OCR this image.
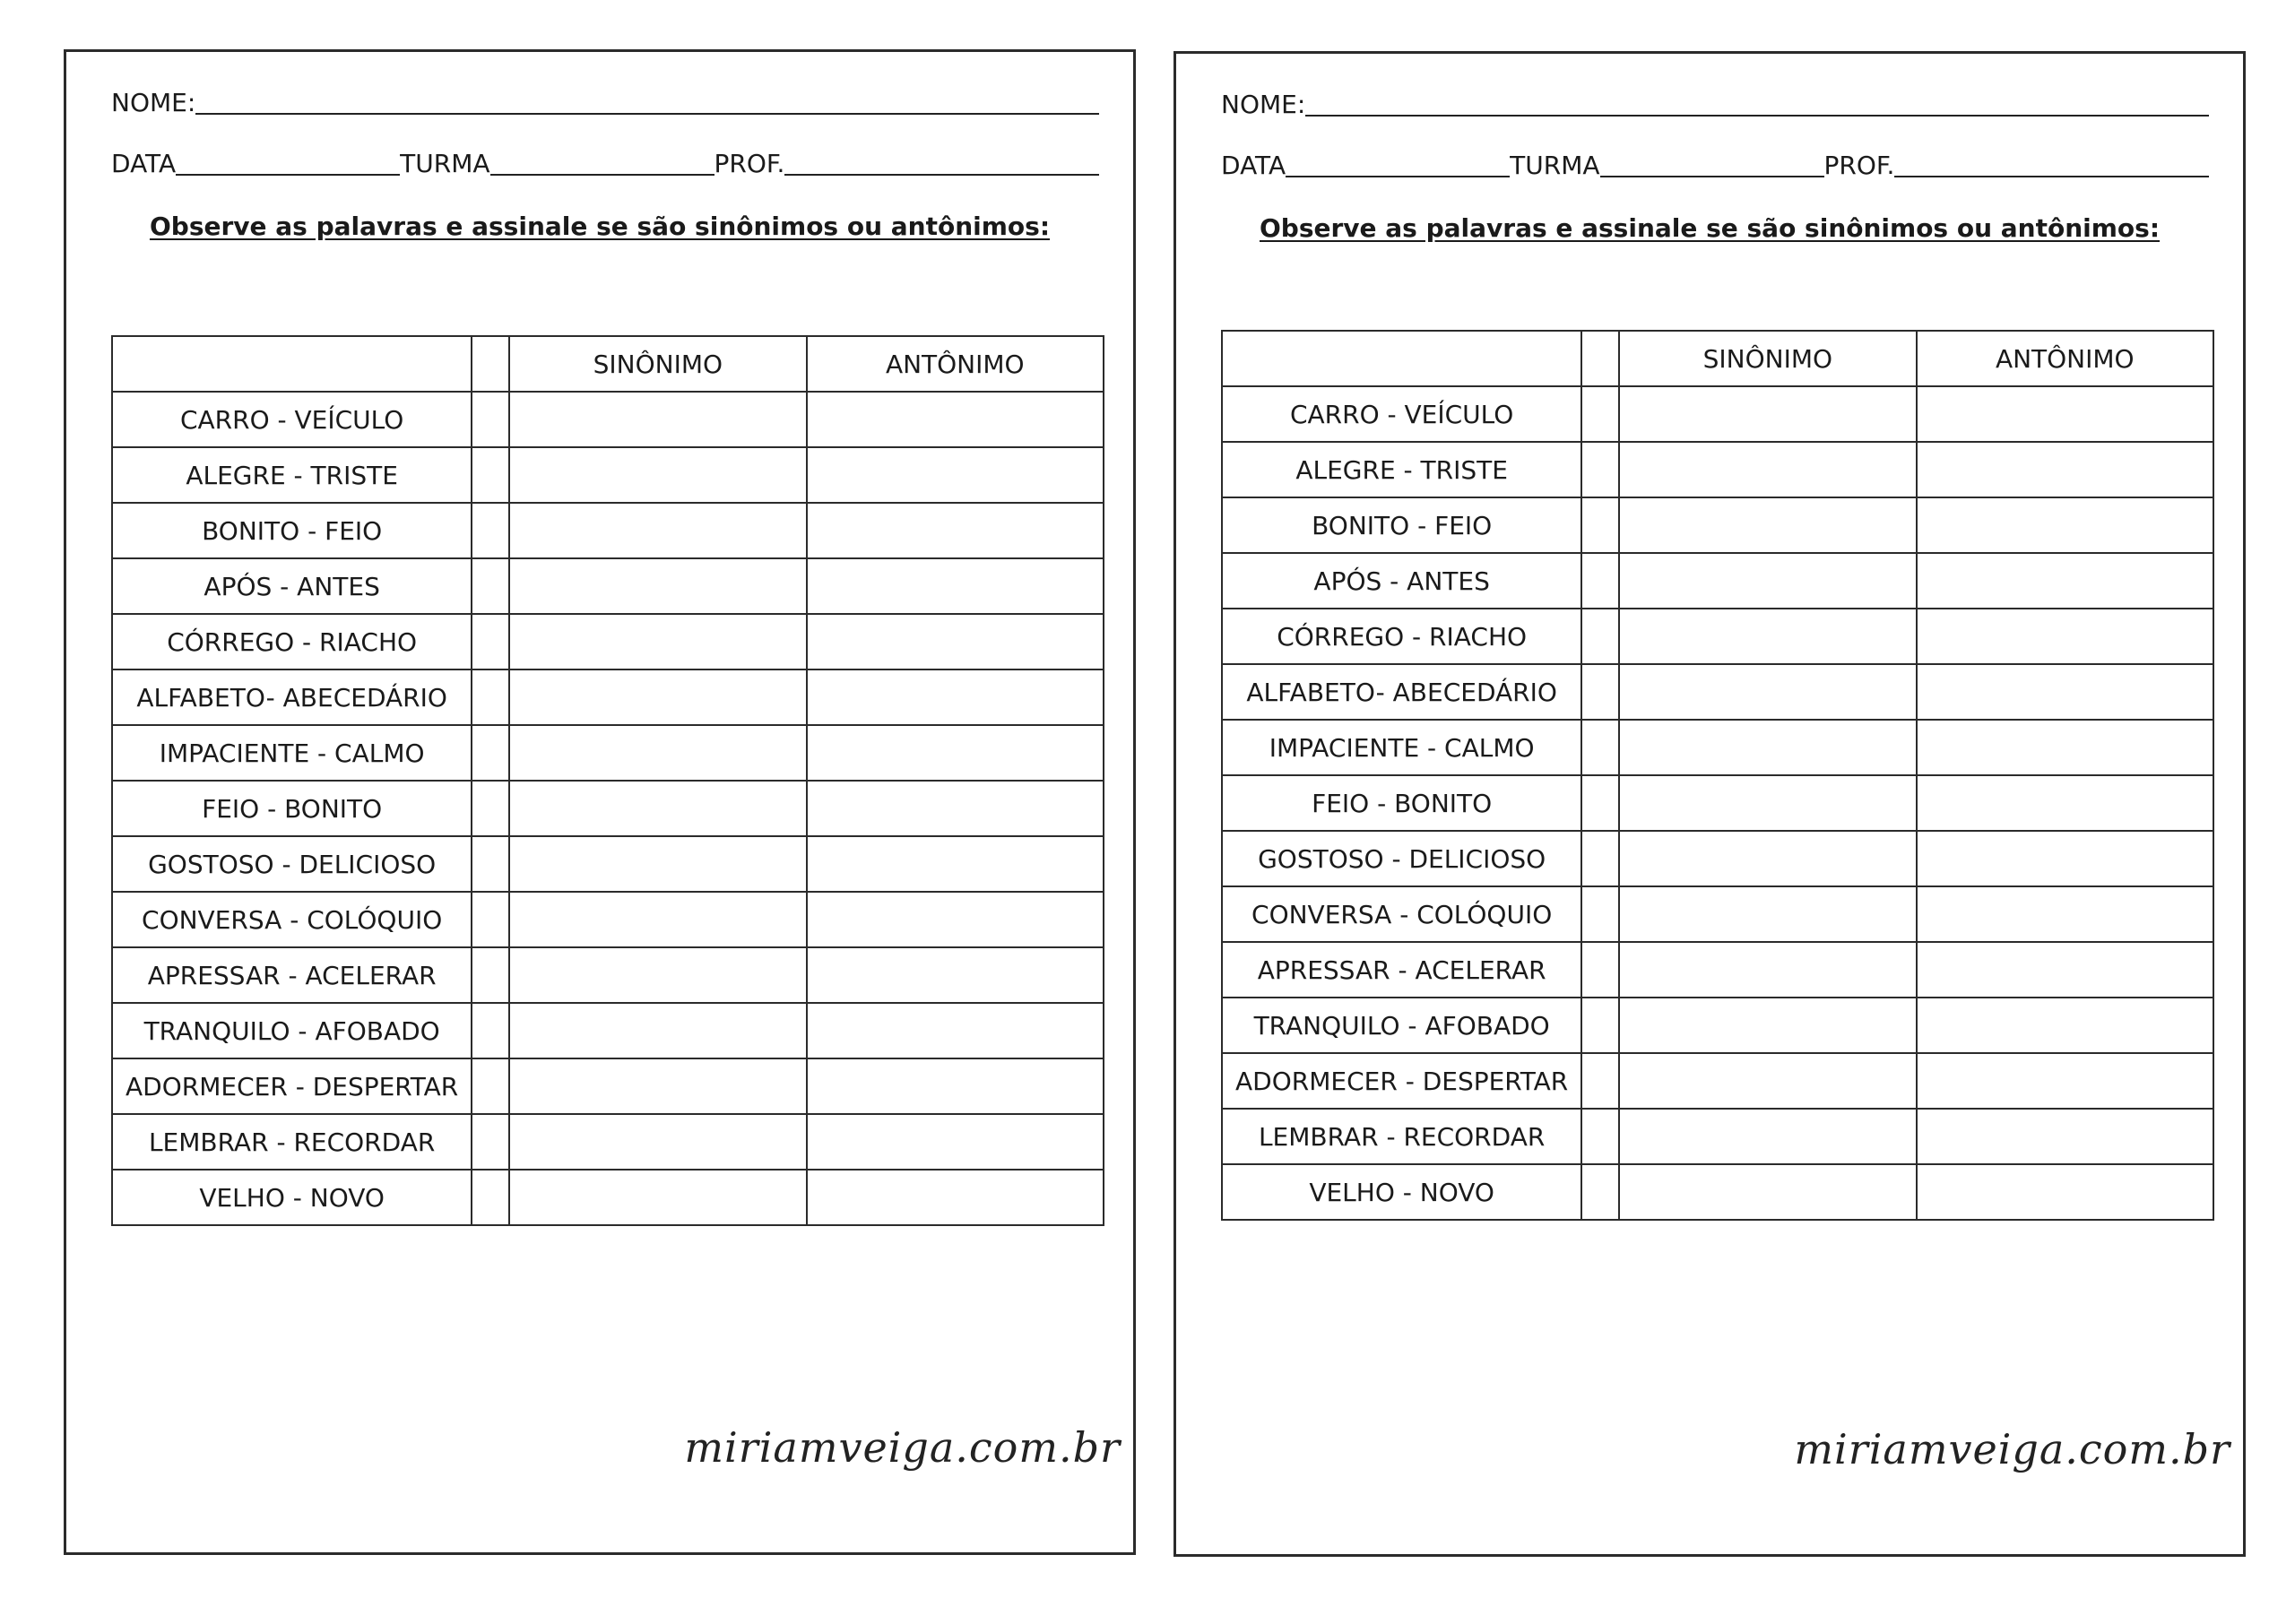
NOME:
DATA	TURMA	PROF.
Observe as palavras e assinale se são sinônimos ou antônimos:
		SINÔNIMO	ANTÔNIMO
CARRO - VEÍCULO			
ALEGRE - TRISTE			
BONITO - FEIO			
APÓS - ANTES			
CÓRREGO - RIACHO			
ALFABETO- ABECEDÁRIO			
IMPACIENTE - CALMO			
FEIO - BONITO			
GOSTOSO - DELICIOSO			
CONVERSA - COLÓQUIO			
APRESSAR - ACELERAR			
TRANQUILO - AFOBADO			
ADORMECER - DESPERTAR			
LEMBRAR - RECORDAR			
VELHO - NOVO			
miriamveiga.com.br
NOME:
DATA	TURMA	PROF.
Observe as palavras e assinale se são sinônimos ou antônimos:
		SINÔNIMO	ANTÔNIMO
CARRO - VEÍCULO			
ALEGRE - TRISTE			
BONITO - FEIO			
APÓS - ANTES			
CÓRREGO - RIACHO			
ALFABETO- ABECEDÁRIO			
IMPACIENTE - CALMO			
FEIO - BONITO			
GOSTOSO - DELICIOSO			
CONVERSA - COLÓQUIO			
APRESSAR - ACELERAR			
TRANQUILO - AFOBADO			
ADORMECER - DESPERTAR			
LEMBRAR - RECORDAR			
VELHO - NOVO			
miriamveiga.com.br
